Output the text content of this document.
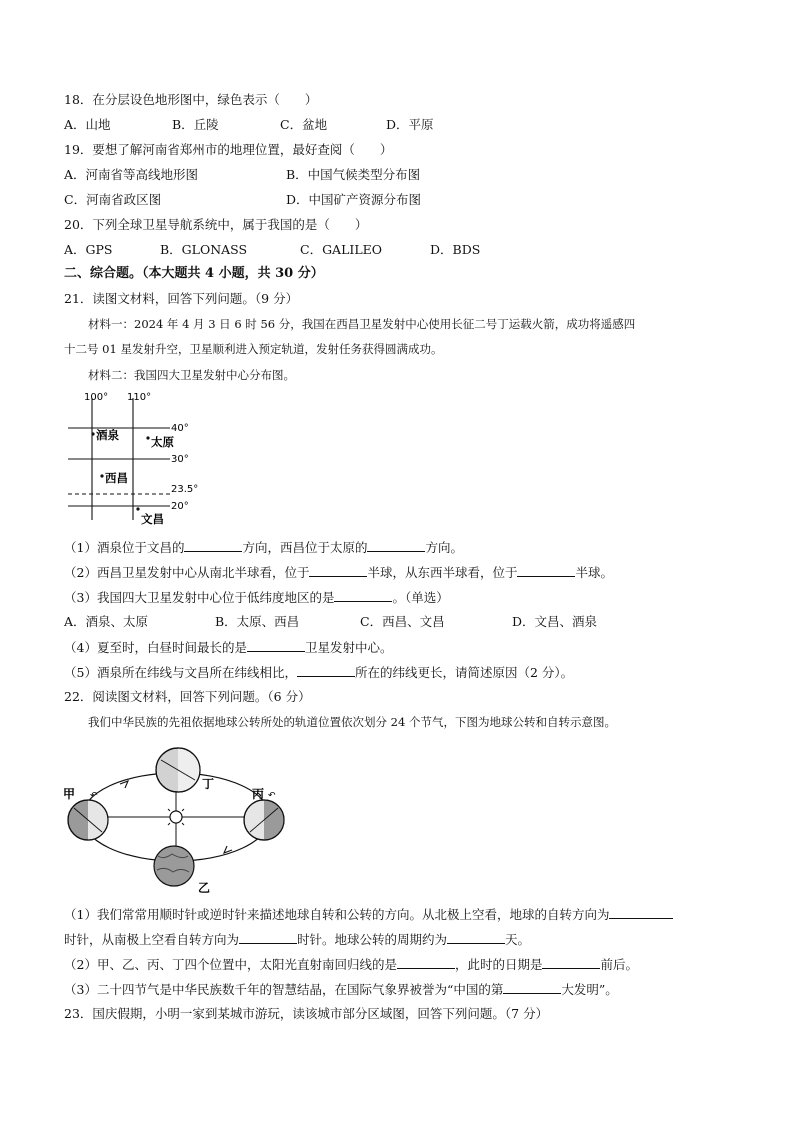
18．在分层设色地形图中，绿色表示（　　）
A．山地	B．丘陵	C．盆地	D．平原
19．要想了解河南省郑州市的地理位置，最好查阅（　　）
A．河南省等高线地形图	B．中国气候类型分布图
C．河南省政区图	D．中国矿产资源分布图
20．下列全球卫星导航系统中，属于我国的是（　　）
A．GPS	B．GLONASS	C．GALILEO	D．BDS
二、综合题。（本大题共 4 小题，共 30 分）
21．读图文材料，回答下列问题。（9 分）
材料一：2024 年 4 月 3 日 6 时 56 分，我国在西昌卫星发射中心使用长征二号丁运载火箭，成功将遥感四
十二号 01 星发射升空，卫星顺利进入预定轨道，发射任务获得圆满成功。
材料二：我国四大卫星发射中心分布图。
100° 110°
40°
30°
23.5°
20°
酒泉	太原
西昌
文昌
（1）酒泉位于文昌的	方向，西昌位于太原的	方向。
（2）西昌卫星发射中心从南北半球看，位于	半球，从东西半球看，位于	半球。
（3）我国四大卫星发射中心位于低纬度地区的是	。（单选）
A．酒泉、太原	B．太原、西昌	C．西昌、文昌	D．文昌、酒泉
（4）夏至时，白昼时间最长的是	卫星发射中心。
（5）酒泉所在纬线与文昌所在纬线相比，	所在的纬线更长，请简述原因（2 分）。
22．阅读图文材料，回答下列问题。（6 分）
我们中华民族的先祖依据地球公转所处的轨道位置依次划分 24 个节气，下图为地球公转和自转示意图。
↶	↶
甲
乙
丙
丁
（1）我们常常用顺时针或逆时针来描述地球自转和公转的方向。从北极上空看，地球的自转方向为
时针，从南极上空看自转方向为	时针。地球公转的周期约为	天。
（2）甲、乙、丙、丁四个位置中，太阳光直射南回归线的是	，此时的日期是	前后。
（3）二十四节气是中华民族数千年的智慧结晶，在国际气象界被誉为“中国的第	大发明”。
23．国庆假期，小明一家到某城市游玩，读该城市部分区域图，回答下列问题。（7 分）
